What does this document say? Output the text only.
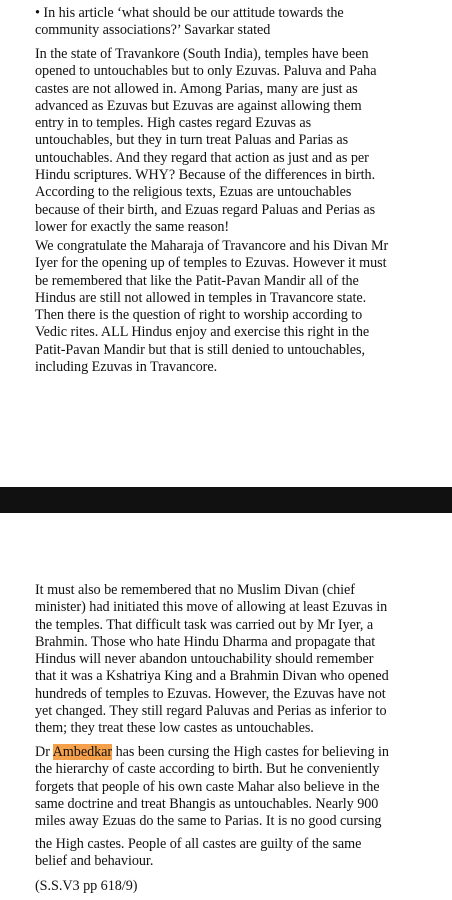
• In his article ‘what should be our attitude towards the
community associations?’ Savarkar stated

In the state of Travankore (South India), temples have been
opened to untouchables but to only Ezuvas. Paluva and Paha
castes are not allowed in. Among Parias, many are just as
advanced as Ezuvas but Ezuvas are against allowing them
entry in to temples. High castes regard Ezuvas as
untouchables, but they in turn treat Paluas and Parias as
untouchables. And they regard that action as just and as per
Hindu scriptures. WHY? Because of the differences in birth.
According to the religious texts, Ezuas are untouchables
because of their birth, and Ezuas regard Paluas and Perias as
lower for exactly the same reason!

We congratulate the Maharaja of Travancore and his Divan Mr
Iyer for the opening up of temples to Ezuvas. However it must
be remembered that like the Patit-Pavan Mandir all of the
Hindus are still not allowed in temples in Travancore state.
Then there is the question of right to worship according to
Vedic rites. ALL Hindus enjoy and exercise this right in the
Patit-Pavan Mandir but that is still denied to untouchables,
including Ezuvas in Travancore.

It must also be remembered that no Muslim Divan (chief
minister) had initiated this move of allowing at least Ezuvas in
the temples. That difficult task was carried out by Mr Iyer, a
Brahmin. Those who hate Hindu Dharma and propagate that
Hindus will never abandon untouchability should remember
that it was a Kshatriya King and a Brahmin Divan who opened
hundreds of temples to Ezuvas. However, the Ezuvas have not
yet changed. They still regard Paluvas and Perias as inferior to
them; they treat these low castes as untouchables.

Dr Ambedkar has been cursing the High castes for believing in
the hierarchy of caste according to birth. But he conveniently
forgets that people of his own caste Mahar also believe in the
same doctrine and treat Bhangis as untouchables. Nearly 900
miles away Ezuas do the same to Parias. It is no good cursing

the High castes. People of all castes are guilty of the same
belief and behaviour.

(S.S.V3 pp 618/9)
